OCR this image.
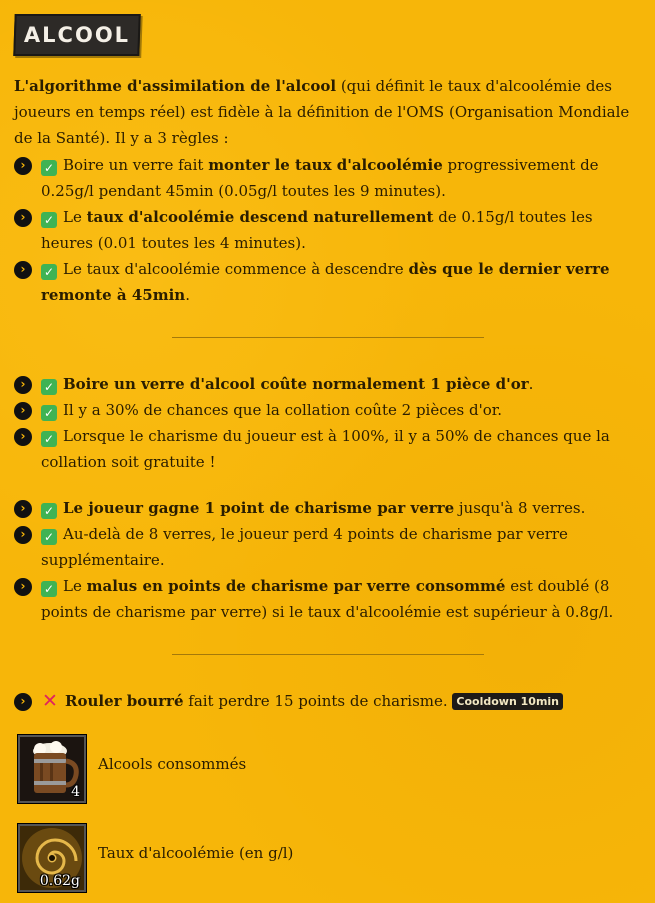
ALCOOL
L'algorithme d'assimilation de l'alcool (qui définit le taux d'alcoolémie des joueurs en temps réel) est fidèle à la définition de l'OMS (Organisation Mondiale de la Santé). Il y a 3 règles :

›	✓ Boire un verre fait monter le taux d'alcoolémie progressivement de 0.25g/l pendant 45min (0.05g/l toutes les 9 minutes).

›	✓ Le taux d'alcoolémie descend naturellement de 0.15g/l toutes les heures (0.01 toutes les 4 minutes).

›	✓ Le taux d'alcoolémie commence à descendre dès que le dernier verre remonte à 45min.

›	✓ Boire un verre d'alcool coûte normalement 1 pièce d'or.

›	✓ Il y a 30% de chances que la collation coûte 2 pièces d'or.

›	✓ Lorsque le charisme du joueur est à 100%, il y a 50% de chances que la collation soit gratuite !

›	✓ Le joueur gagne 1 point de charisme par verre jusqu'à 8 verres.

›	✓ Au-delà de 8 verres, le joueur perd 4 points de charisme par verre supplémentaire.

›	✓ Le malus en points de charisme par verre consommé est doublé (8 points de charisme par verre) si le taux d'alcoolémie est supérieur à 0.8g/l.

› ✕ Rouler bourré fait perdre 15 points de charisme. Cooldown 10min

4
Alcools consommés
0.62g
Taux d'alcoolémie (en g/l)
